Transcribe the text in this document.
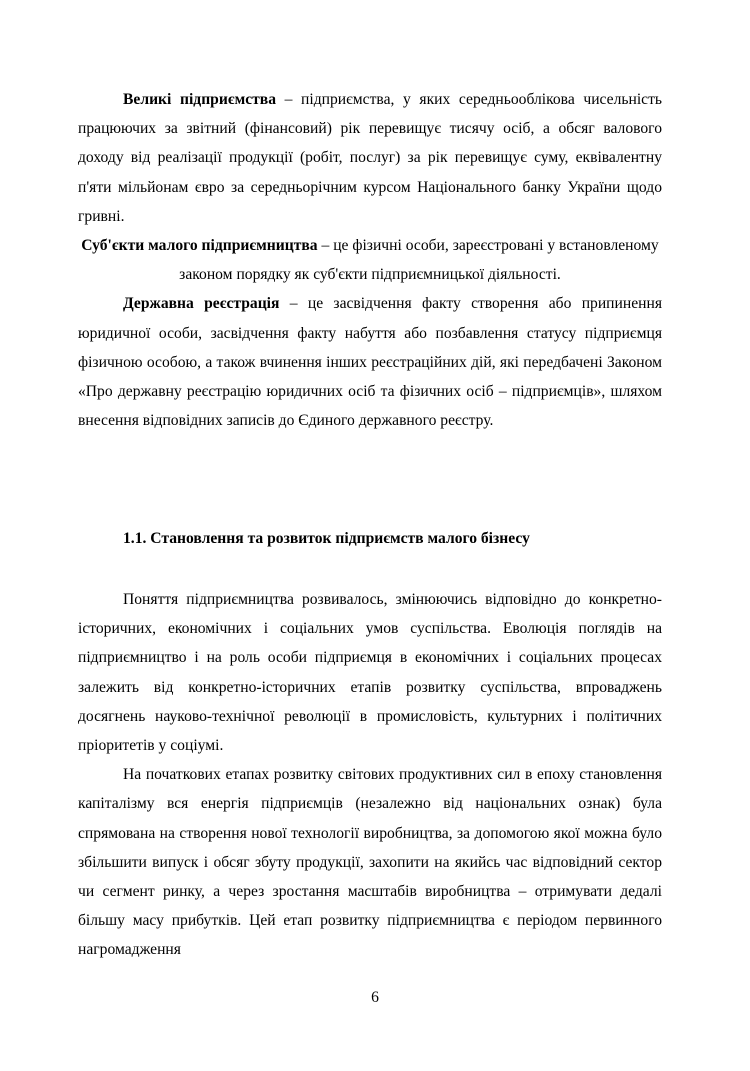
Великі підприємства – підприємства, у яких середньооблікова чисельність працюючих за звітний (фінансовий) рік перевищує тисячу осіб, а обсяг валового доходу від реалізації продукції (робіт, послуг) за рік перевищує суму, еквівалентну п'яти мільйонам євро за середньорічним курсом Національного банку України щодо гривні.

Суб'єкти малого підприємництва – це фізичні особи, зареєстровані у встановленому законом порядку як суб'єкти підприємницької діяльності.

Державна реєстрація – це засвідчення факту створення або припинення юридичної особи, засвідчення факту набуття або позбавлення статусу підприємця фізичною особою, а також вчинення інших реєстраційних дій, які передбачені Законом «Про державну реєстрацію юридичних осіб та фізичних осіб – підприємців», шляхом внесення відповідних записів до Єдиного державного реєстру.

1.1. Становлення та розвиток підприємств малого бізнесу

Поняття підприємництва розвивалось, змінюючись відповідно до конкретно-історичних, економічних і соціальних умов суспільства. Еволюція поглядів на підприємництво і на роль особи підприємця в економічних і соціальних процесах залежить від конкретно-історичних етапів розвитку суспільства, впроваджень досягнень науково-технічної революції в промисловість, культурних і політичних пріоритетів у соціумі.

На початкових етапах розвитку світових продуктивних сил в епоху становлення капіталізму вся енергія підприємців (незалежно від національних ознак) була спрямована на створення нової технології виробництва, за допомогою якої можна було збільшити випуск і обсяг збуту продукції, захопити на якийсь час відповідний сектор чи сегмент ринку, а через зростання масштабів виробництва – отримувати дедалі більшу масу прибутків. Цей етап розвитку підприємництва є періодом первинного нагромадження

6
